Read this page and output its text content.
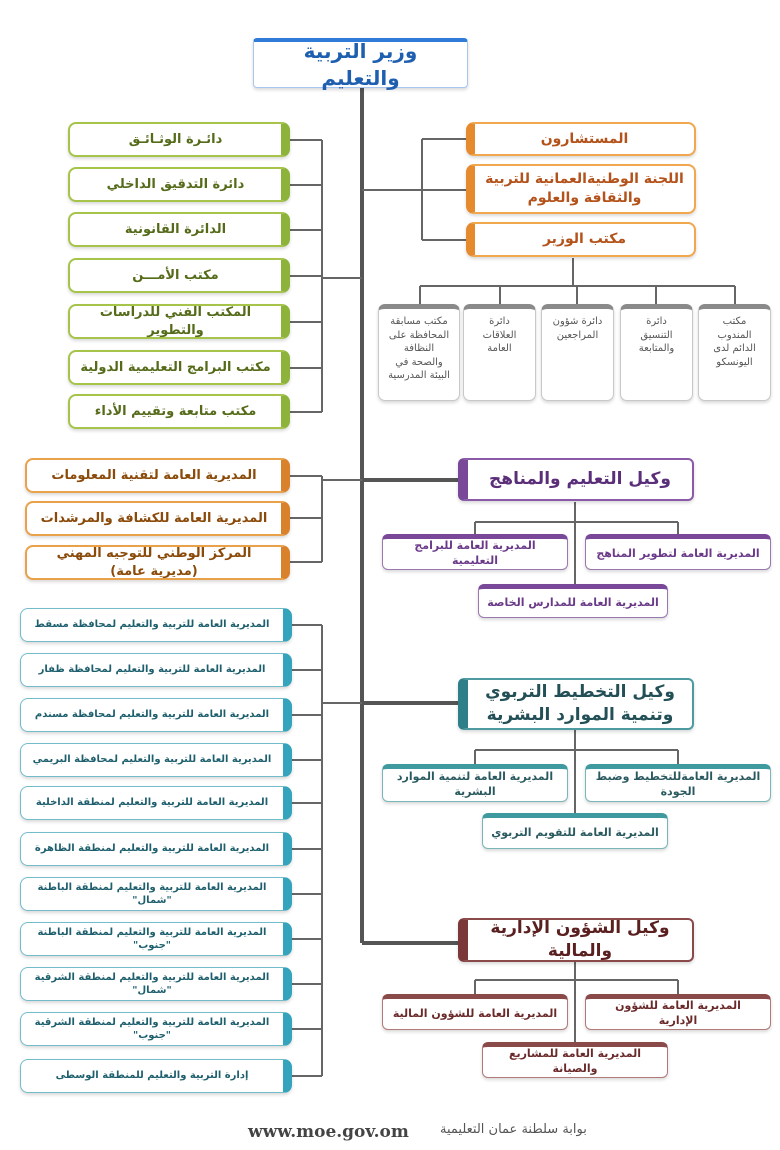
وزير التربية والتعليم
دائـرة الوثـائـق
دائرة التدقيق الداخلي
الدائرة القانونية
مكتب الأمـــن
المكتب الفني للدراسات والتطوير
مكتب البرامج التعليمية الدولية
مكتب متابعة وتقييم الأداء
المستشارون
اللجنة الوطنيةالعمانية للتربية والثقافة والعلوم
مكتب الوزير
مكتب المندوب الدائم لدى اليونسكو
دائرة التنسيق والمتابعة
دائرة شؤون المراجعين
دائرة العلاقات العامة
مكتب مسابقة المحافظة على النظافة والصحة في البيئة المدرسية
المديرية العامة لتقنية المعلومات
المديرية العامة للكشافة والمرشدات
المركز الوطني للتوجيه المهني (مديرية عامة)
وكيل التعليم والمناهج
المديرية العامة لتطوير المناهج
المديرية العامة للبرامج التعليمية
المديرية العامة للمدارس الخاصة
وكيل التخطيط التربوي وتنمية الموارد البشرية
المديرية العامةللتخطيط وضبط الجودة
المديرية العامة لتنمية الموارد البشرية
المديرية العامة للتقويم التربوي
وكيل الشؤون الإدارية والمالية
المديرية العامة للشؤون الإدارية
المديرية العامة للشؤون المالية
المديرية العامة للمشاريع والصيانة
المديرية العامة للتربية والتعليم لمحافظة مسقط
المديرية العامة للتربية والتعليم لمحافظة ظفار
المديرية العامة للتربية والتعليم لمحافظة مسندم
المديرية العامة للتربية والتعليم لمحافظة البريمي
المديرية العامة للتربية والتعليم لمنطقة الداخلية
المديرية العامة للتربية والتعليم لمنطقة الظاهرة
المديرية العامة للتربية والتعليم لمنطقة الباطنة "شمال"
المديرية العامة للتربية والتعليم لمنطقة الباطنة "جنوب"
المديرية العامة للتربية والتعليم لمنطقة الشرقية "شمال"
المديرية العامة للتربية والتعليم لمنطقة الشرقية "جنوب"
إدارة التربية والتعليم للمنطقة الوسطى
www.moe.gov.om بوابة سلطنة عمان التعليمية
